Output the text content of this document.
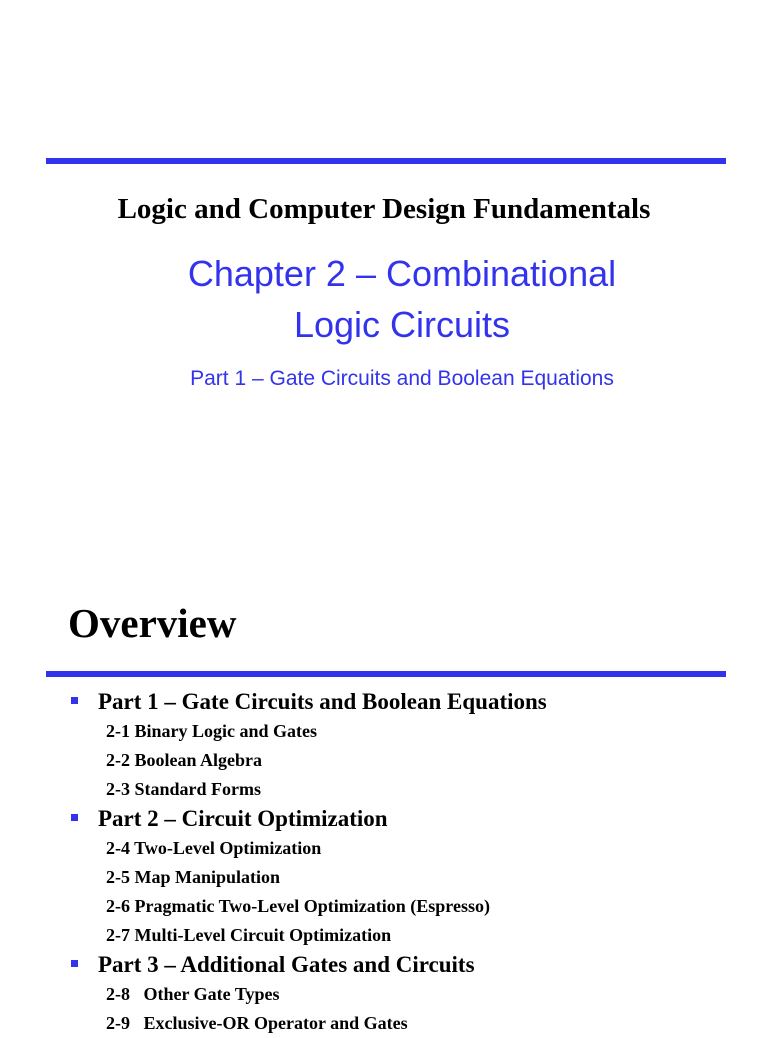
Logic and Computer Design Fundamentals
Chapter 2 – Combinational
Logic Circuits
Part 1 – Gate Circuits and Boolean Equations
Overview
Part 1 – Gate Circuits and Boolean Equations
2-1 Binary Logic and Gates
2-2 Boolean Algebra
2-3 Standard Forms
Part 2 – Circuit Optimization
2-4 Two-Level Optimization
2-5 Map Manipulation
2-6 Pragmatic Two-Level Optimization (Espresso)
2-7 Multi-Level Circuit Optimization
Part 3 – Additional Gates and Circuits
2-8   Other Gate Types
2-9   Exclusive-OR Operator and Gates
